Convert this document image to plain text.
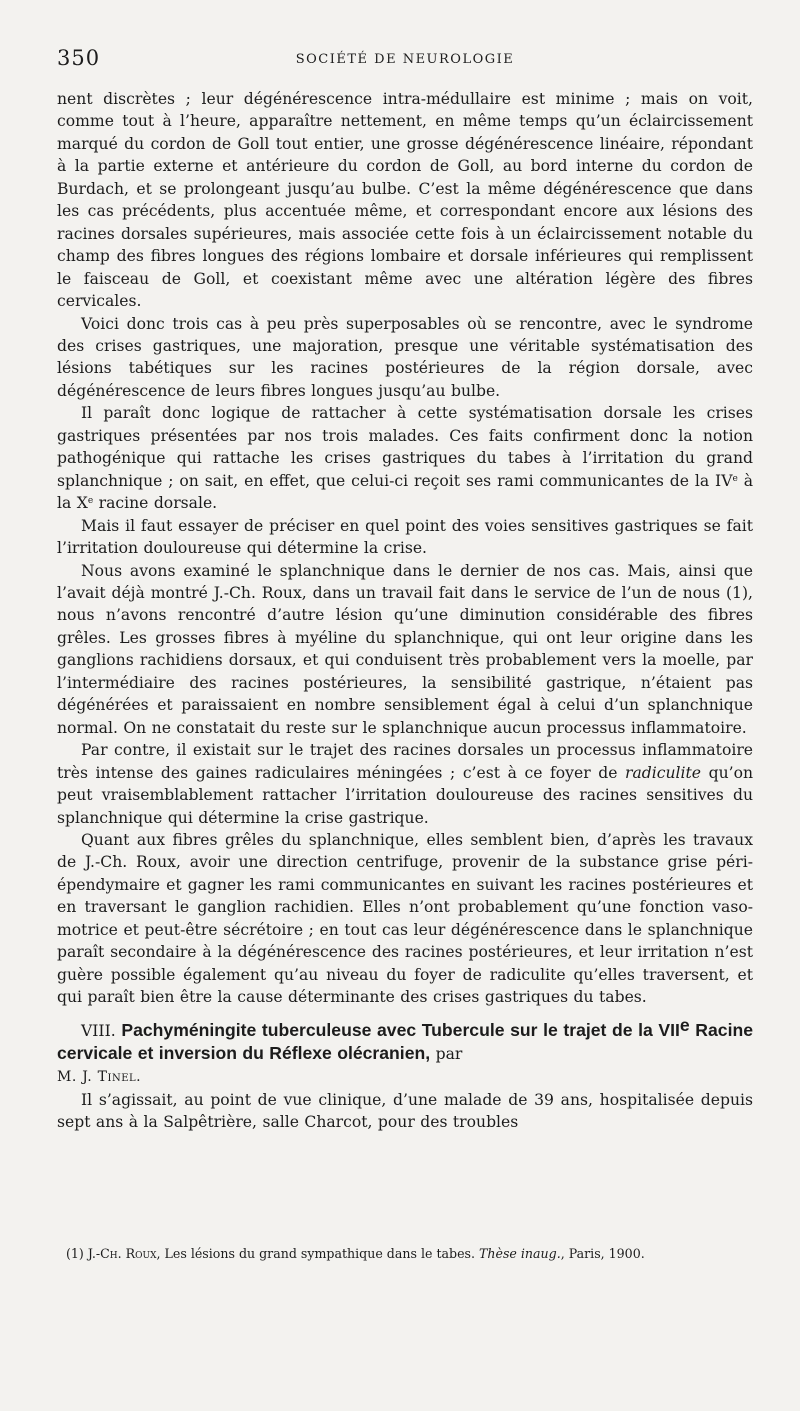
350	SOCIÉTÉ DE NEUROLOGIE

nent discrètes ; leur dégénérescence intra-médullaire est minime ; mais on voit, comme tout à l’heure, apparaître nettement, en même temps qu’un éclaircissement marqué du cordon de Goll tout entier, une grosse dégénérescence linéaire, répondant à la partie externe et antérieure du cordon de Goll, au bord interne du cordon de Burdach, et se prolongeant jusqu’au bulbe. C’est la même dégénérescence que dans les cas précédents, plus accentuée même, et correspondant encore aux lésions des racines dorsales supérieures, mais associée cette fois à un éclaircissement notable du champ des fibres longues des régions lombaire et dorsale inférieures qui remplissent le faisceau de Goll, et coexistant même avec une altération légère des fibres cervicales.

Voici donc trois cas à peu près superposables où se rencontre, avec le syndrome des crises gastriques, une majoration, presque une véritable systématisation des lésions tabétiques sur les racines postérieures de la région dorsale, avec dégénérescence de leurs fibres longues jusqu’au bulbe.

Il paraît donc logique de rattacher à cette systématisation dorsale les crises gastriques présentées par nos trois malades. Ces faits confirment donc la notion pathogénique qui rattache les crises gastriques du tabes à l’irritation du grand splanchnique ; on sait, en effet, que celui-ci reçoit ses rami communicantes de la IVe à la Xe racine dorsale.

Mais il faut essayer de préciser en quel point des voies sensitives gastriques se fait l’irritation douloureuse qui détermine la crise.

Nous avons examiné le splanchnique dans le dernier de nos cas. Mais, ainsi que l’avait déjà montré J.-Ch. Roux, dans un travail fait dans le service de l’un de nous (1), nous n’avons rencontré d’autre lésion qu’une diminution considérable des fibres grêles. Les grosses fibres à myéline du splanchnique, qui ont leur origine dans les ganglions rachidiens dorsaux, et qui conduisent très probablement vers la moelle, par l’intermédiaire des racines postérieures, la sensibilité gastrique, n’étaient pas dégénérées et paraissaient en nombre sensiblement égal à celui d’un splanchnique normal. On ne constatait du reste sur le splanchnique aucun processus inflammatoire.

Par contre, il existait sur le trajet des racines dorsales un processus inflammatoire très intense des gaines radiculaires méningées ; c’est à ce foyer de radiculite qu’on peut vraisemblablement rattacher l’irritation douloureuse des racines sensitives du splanchnique qui détermine la crise gastrique.

Quant aux fibres grêles du splanchnique, elles semblent bien, d’après les travaux de J.-Ch. Roux, avoir une direction centrifuge, provenir de la substance grise péri-épendymaire et gagner les rami communicantes en suivant les racines postérieures et en traversant le ganglion rachidien. Elles n’ont probablement qu’une fonction vaso-motrice et peut-être sécrétoire ; en tout cas leur dégénérescence dans le splanchnique paraît secondaire à la dégénérescence des racines postérieures, et leur irritation n’est guère possible également qu’au niveau du foyer de radiculite qu’elles traversent, et qui paraît bien être la cause déterminante des crises gastriques du tabes.

VIII. Pachyméningite tuberculeuse avec Tubercule sur le trajet de la VIIe Racine cervicale et inversion du Réflexe olécranien, par
M. J. Tinel.

Il s’agissait, au point de vue clinique, d’une malade de 39 ans, hospitalisée depuis sept ans à la Salpêtrière, salle Charcot, pour des troubles

(1) J.-Ch. Roux, Les lésions du grand sympathique dans le tabes. Thèse inaug., Paris, 1900.
